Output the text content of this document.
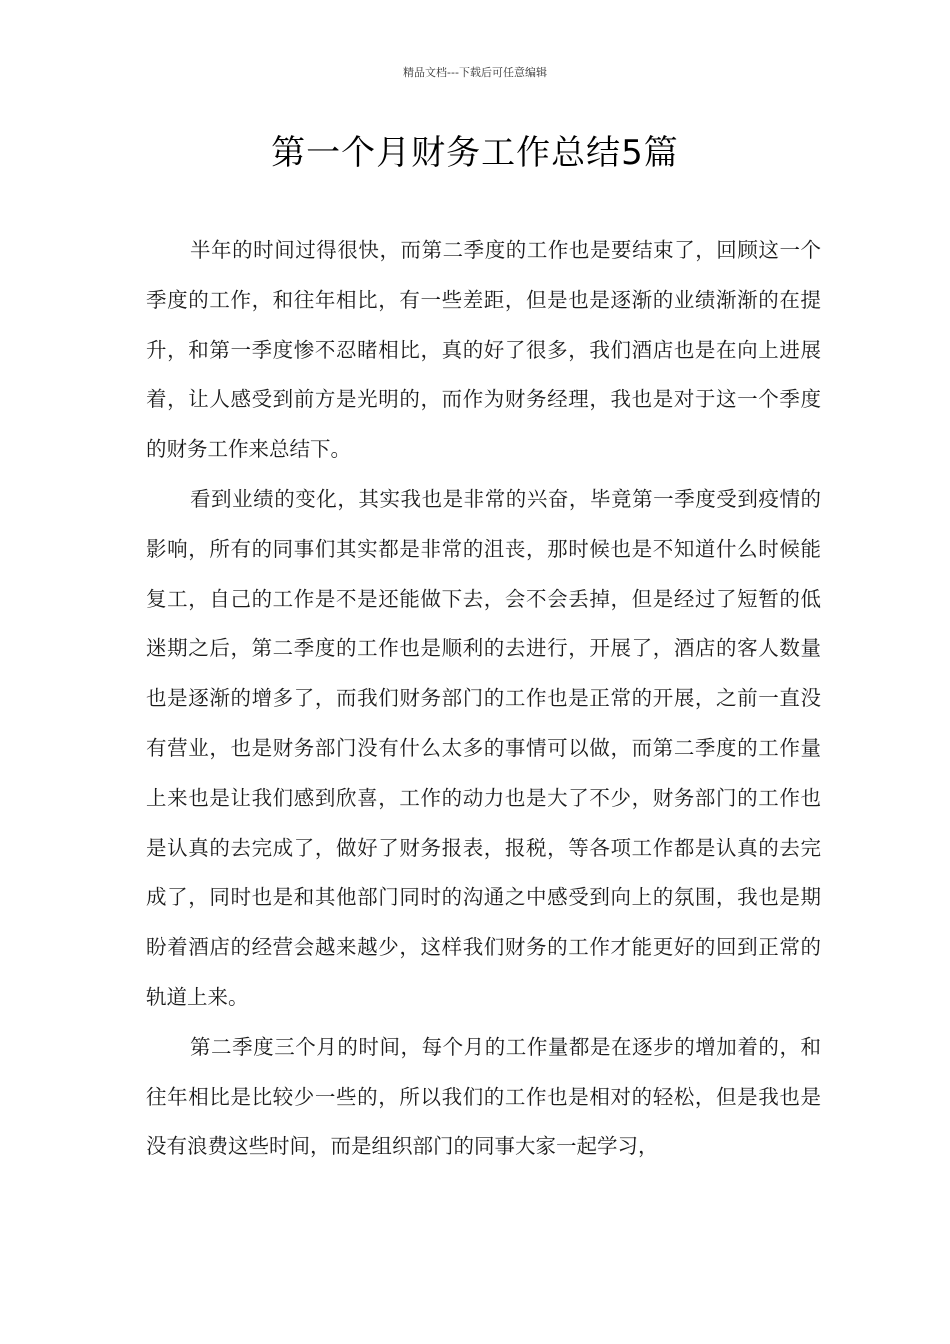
精品文档---下载后可任意编辑
第一个月财务工作总结5篇

半年的时间过得很快，而第二季度的工作也是要结束了，回顾这一个季度的工作，和往年相比，有一些差距，但是也是逐渐的业绩渐渐的在提升，和第一季度惨不忍睹相比，真的好了很多，我们酒店也是在向上进展着，让人感受到前方是光明的，而作为财务经理，我也是对于这一个季度的财务工作来总结下。

看到业绩的变化，其实我也是非常的兴奋，毕竟第一季度受到疫情的影响，所有的同事们其实都是非常的沮丧，那时候也是不知道什么时候能复工，自己的工作是不是还能做下去，会不会丢掉，但是经过了短暂的低迷期之后，第二季度的工作也是顺利的去进行，开展了，酒店的客人数量也是逐渐的增多了，而我们财务部门的工作也是正常的开展，之前一直没有营业，也是财务部门没有什么太多的事情可以做，而第二季度的工作量上来也是让我们感到欣喜，工作的动力也是大了不少，财务部门的工作也是认真的去完成了，做好了财务报表，报税，等各项工作都是认真的去完成了，同时也是和其他部门同时的沟通之中感受到向上的氛围，我也是期盼着酒店的经营会越来越少，这样我们财务的工作才能更好的回到正常的轨道上来。

第二季度三个月的时间，每个月的工作量都是在逐步的增加着的，和往年相比是比较少一些的，所以我们的工作也是相对的轻松，但是我也是没有浪费这些时间，而是组织部门的同事大家一起学习，
